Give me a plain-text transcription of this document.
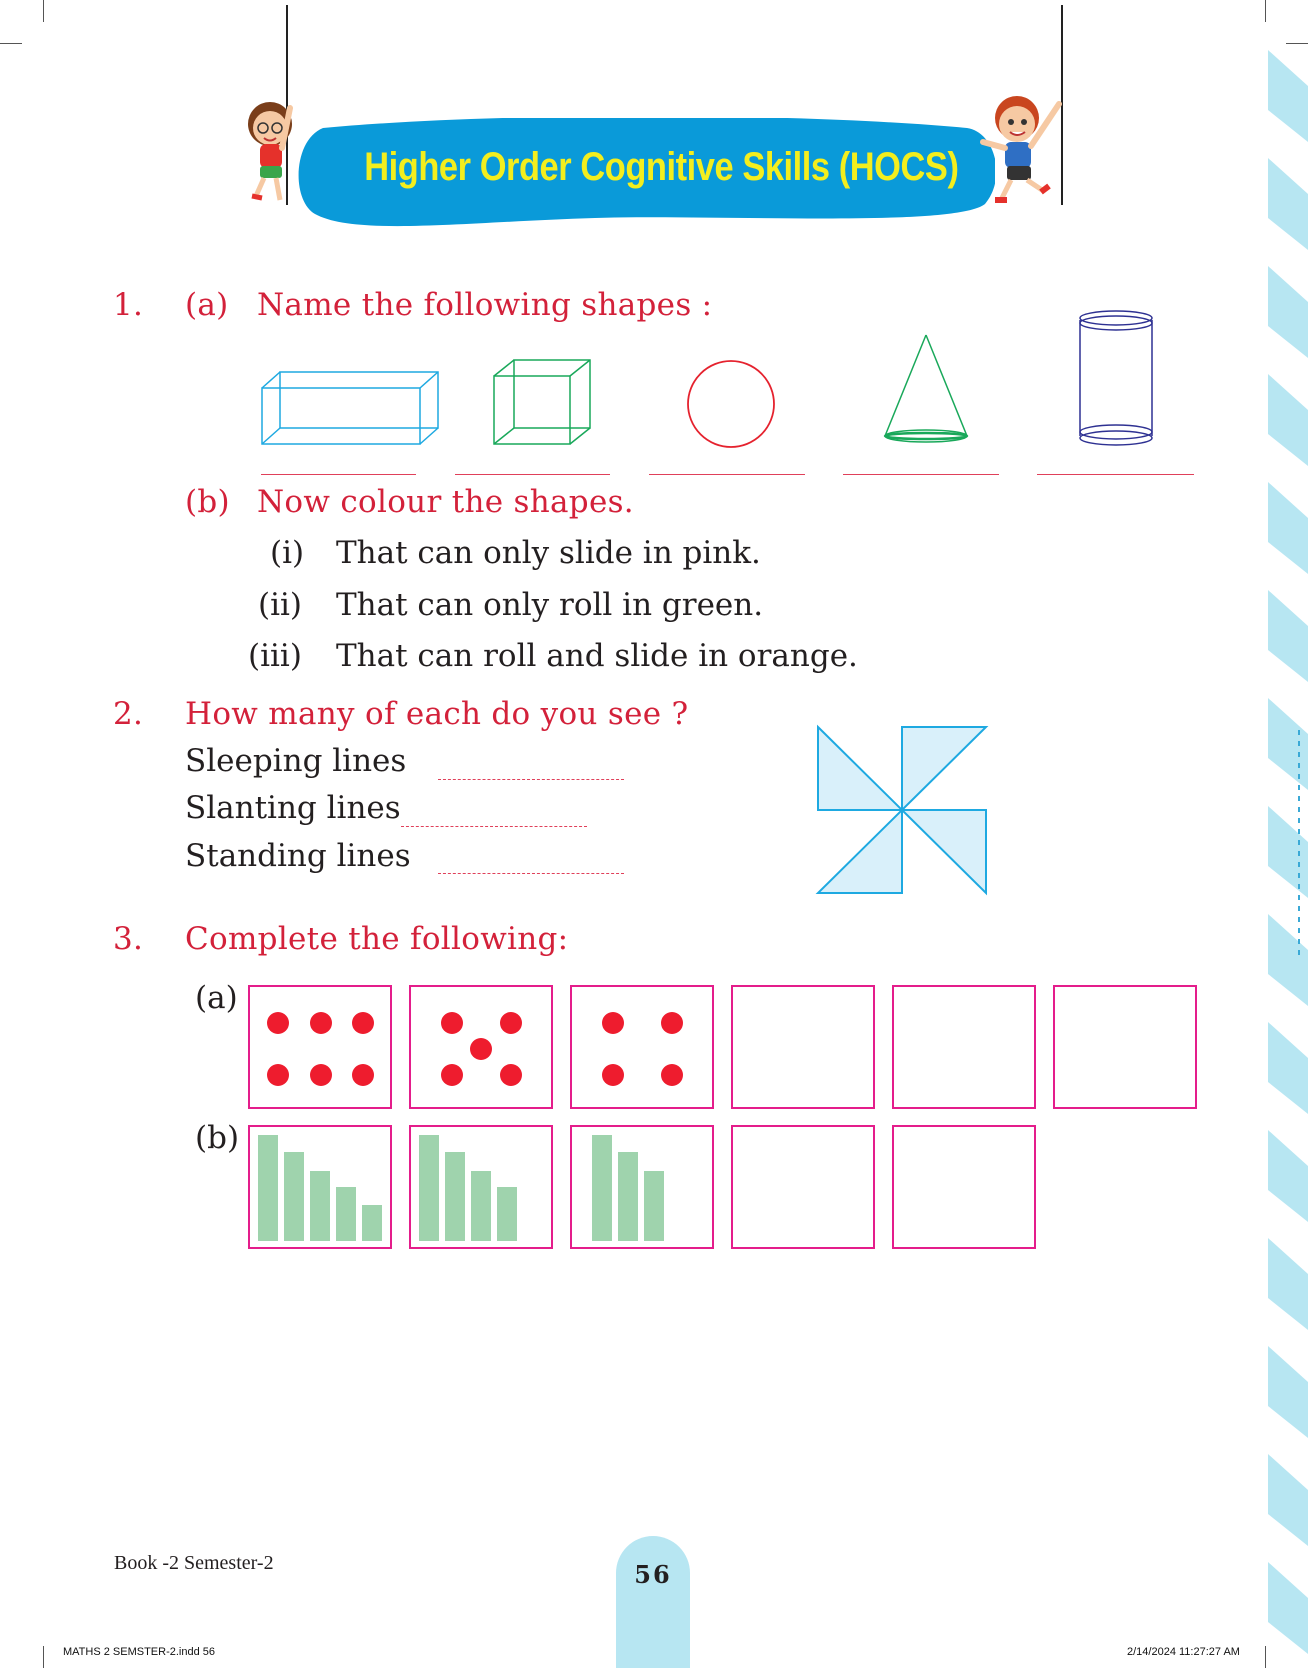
Higher Order Cognitive Skills (HOCS)
1. (a) Name the following shapes :
(b) Now colour the shapes.
(i) That can only slide in pink.
(ii) That can only roll in green.
(iii) That can roll and slide in orange.
2. How many of each do you see ?
Sleeping lines
Slanting lines
Standing lines
3. Complete the following:
(a)
(b)
Book -2 Semester-2	56
MATHS 2 SEMSTER-2.indd 56	2/14/2024 11:27:27 AM
